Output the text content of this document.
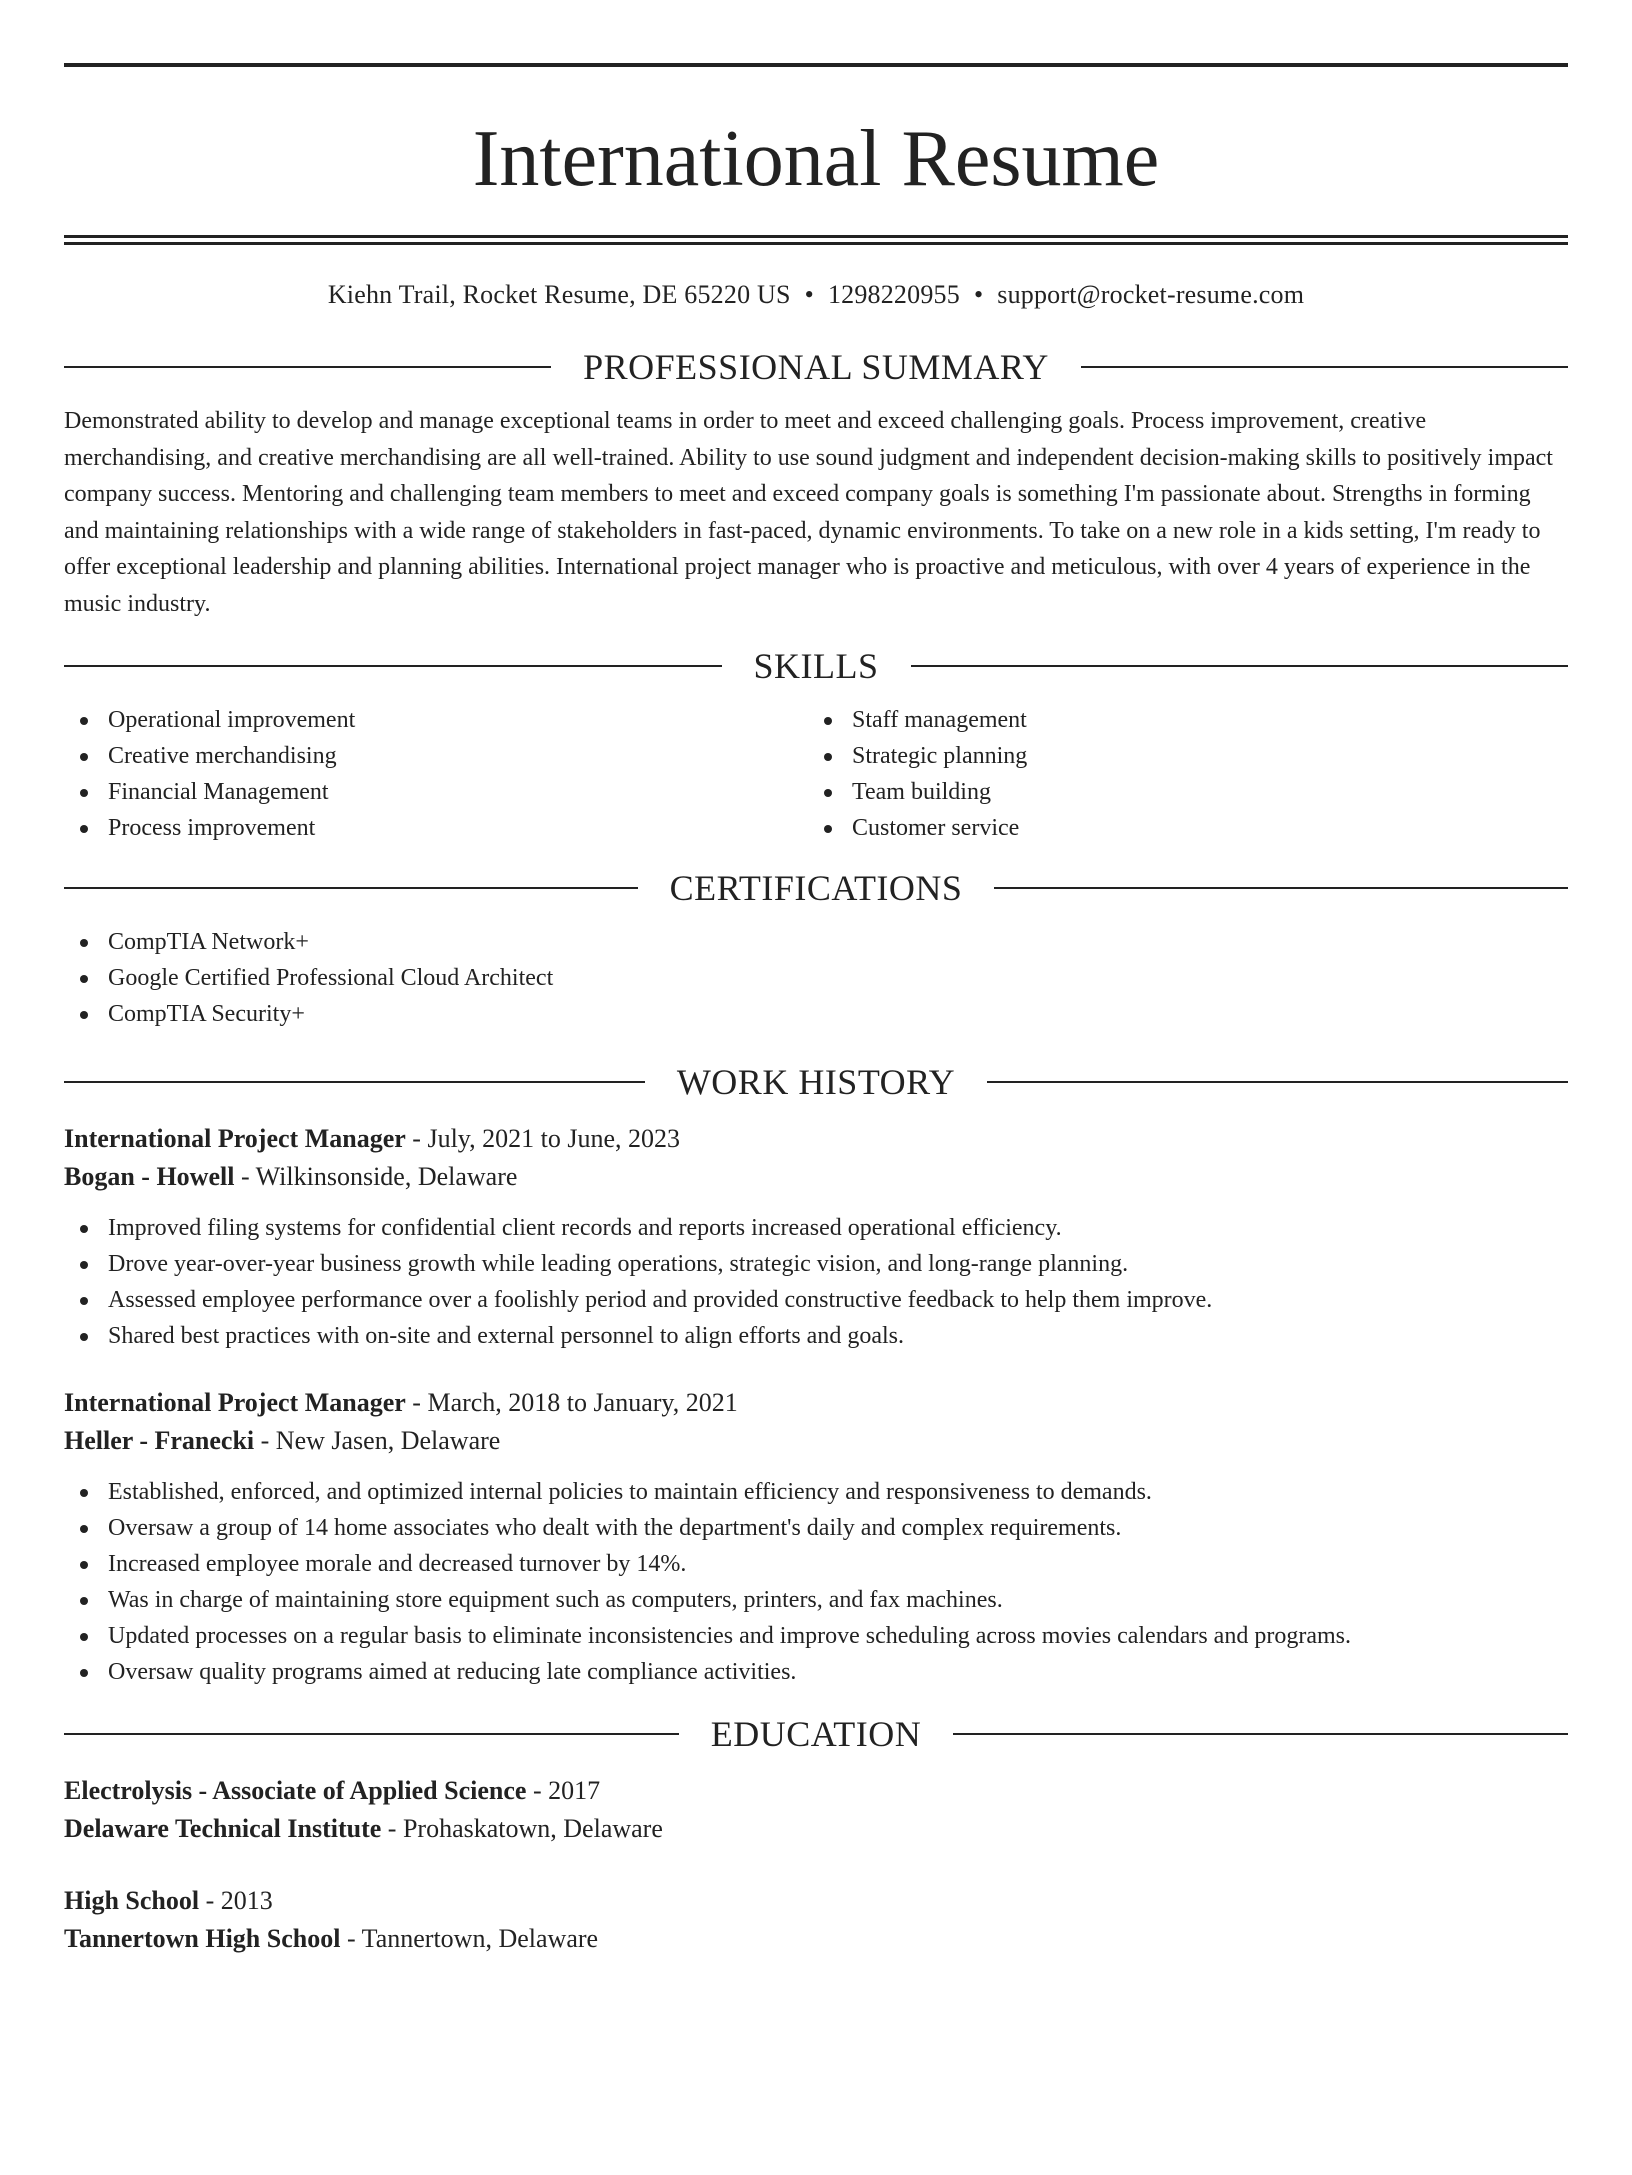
International Resume
Kiehn Trail, Rocket Resume, DE 65220 US • 1298220955 • support@rocket-resume.com
PROFESSIONAL SUMMARY

Demonstrated ability to develop and manage exceptional teams in order to meet and exceed challenging goals. Process improvement, creative merchandising, and creative merchandising are all well-trained. Ability to use sound judgment and independent decision-making skills to positively impact company success. Mentoring and challenging team members to meet and exceed company goals is something I'm passionate about. Strengths in forming and maintaining relationships with a wide range of stakeholders in fast-paced, dynamic environments. To take on a new role in a kids setting, I'm ready to offer exceptional leadership and planning abilities. International project manager who is proactive and meticulous, with over 4 years of experience in the music industry.

SKILLS
Operational improvement
Creative merchandising
Financial Management
Process improvement
Staff management
Strategic planning
Team building
Customer service
CERTIFICATIONS
CompTIA Network+
Google Certified Professional Cloud Architect
CompTIA Security+
WORK HISTORY
International Project Manager - July, 2021 to June, 2023
Bogan - Howell - Wilkinsonside, Delaware
Improved filing systems for confidential client records and reports increased operational efficiency.
Drove year-over-year business growth while leading operations, strategic vision, and long-range planning.
Assessed employee performance over a foolishly period and provided constructive feedback to help them improve.
Shared best practices with on-site and external personnel to align efforts and goals.
International Project Manager - March, 2018 to January, 2021
Heller - Franecki - New Jasen, Delaware
Established, enforced, and optimized internal policies to maintain efficiency and responsiveness to demands.
Oversaw a group of 14 home associates who dealt with the department's daily and complex requirements.
Increased employee morale and decreased turnover by 14%.
Was in charge of maintaining store equipment such as computers, printers, and fax machines.
Updated processes on a regular basis to eliminate inconsistencies and improve scheduling across movies calendars and programs.
Oversaw quality programs aimed at reducing late compliance activities.
EDUCATION
Electrolysis - Associate of Applied Science - 2017
Delaware Technical Institute - Prohaskatown, Delaware
High School - 2013
Tannertown High School - Tannertown, Delaware
